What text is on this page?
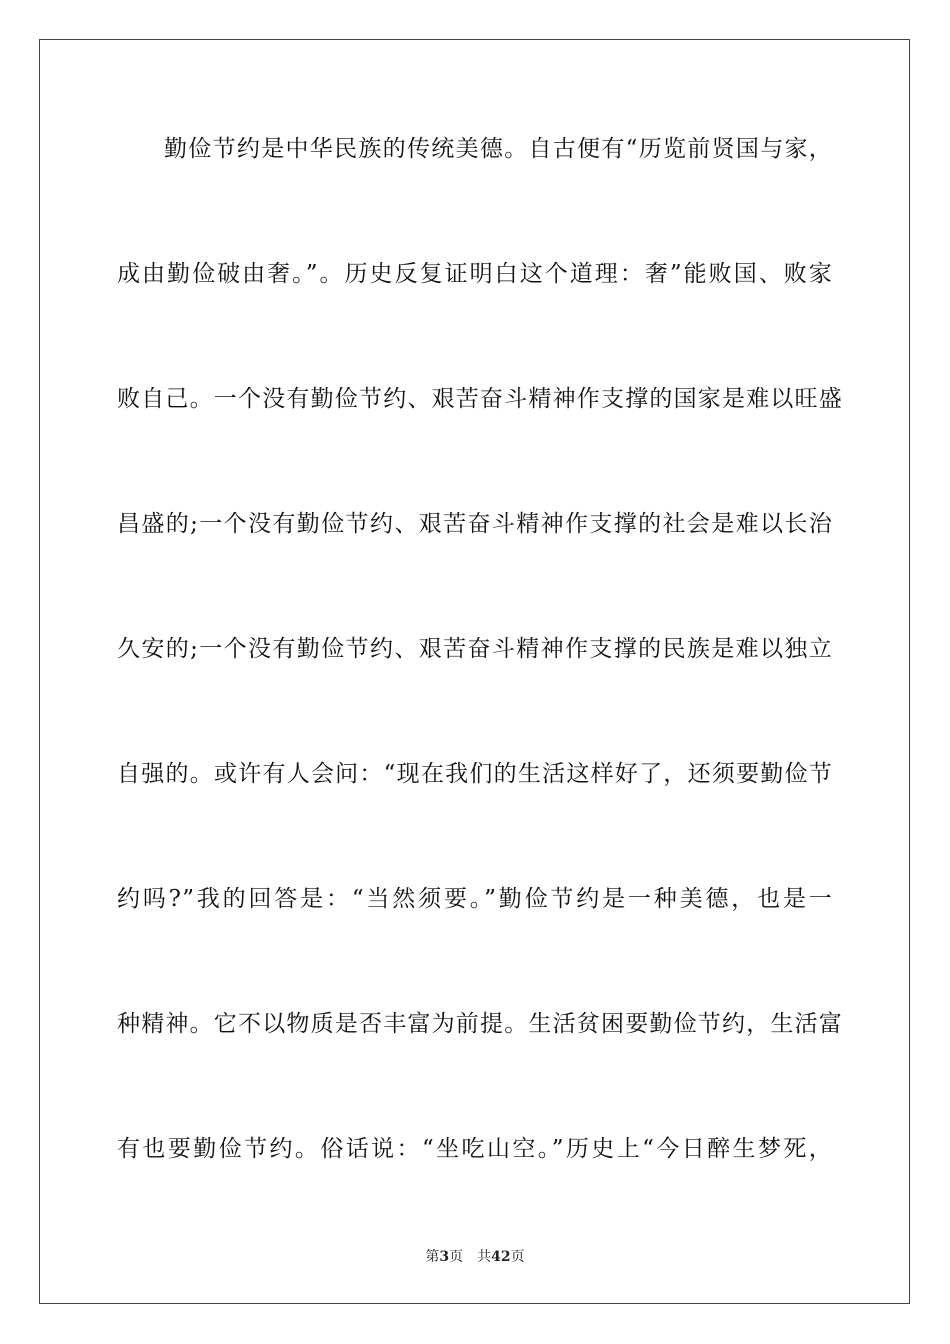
勤俭节约是中华民族的传统美德。自古便有“历览前贤国与家，
成由勤俭破由奢。”。历史反复证明白这个道理：奢”能败国、败家
败自己。一个没有勤俭节约、艰苦奋斗精神作支撑的国家是难以旺盛
昌盛的;一个没有勤俭节约、艰苦奋斗精神作支撑的社会是难以长治
久安的;一个没有勤俭节约、艰苦奋斗精神作支撑的民族是难以独立
自强的。或许有人会问：“现在我们的生活这样好了，还须要勤俭节
约吗?”我的回答是：“当然须要。”勤俭节约是一种美德，也是一
种精神。它不以物质是否丰富为前提。生活贫困要勤俭节约，生活富
有也要勤俭节约。俗话说：“坐吃山空。”历史上“今日醉生梦死，
第3页 共42页
